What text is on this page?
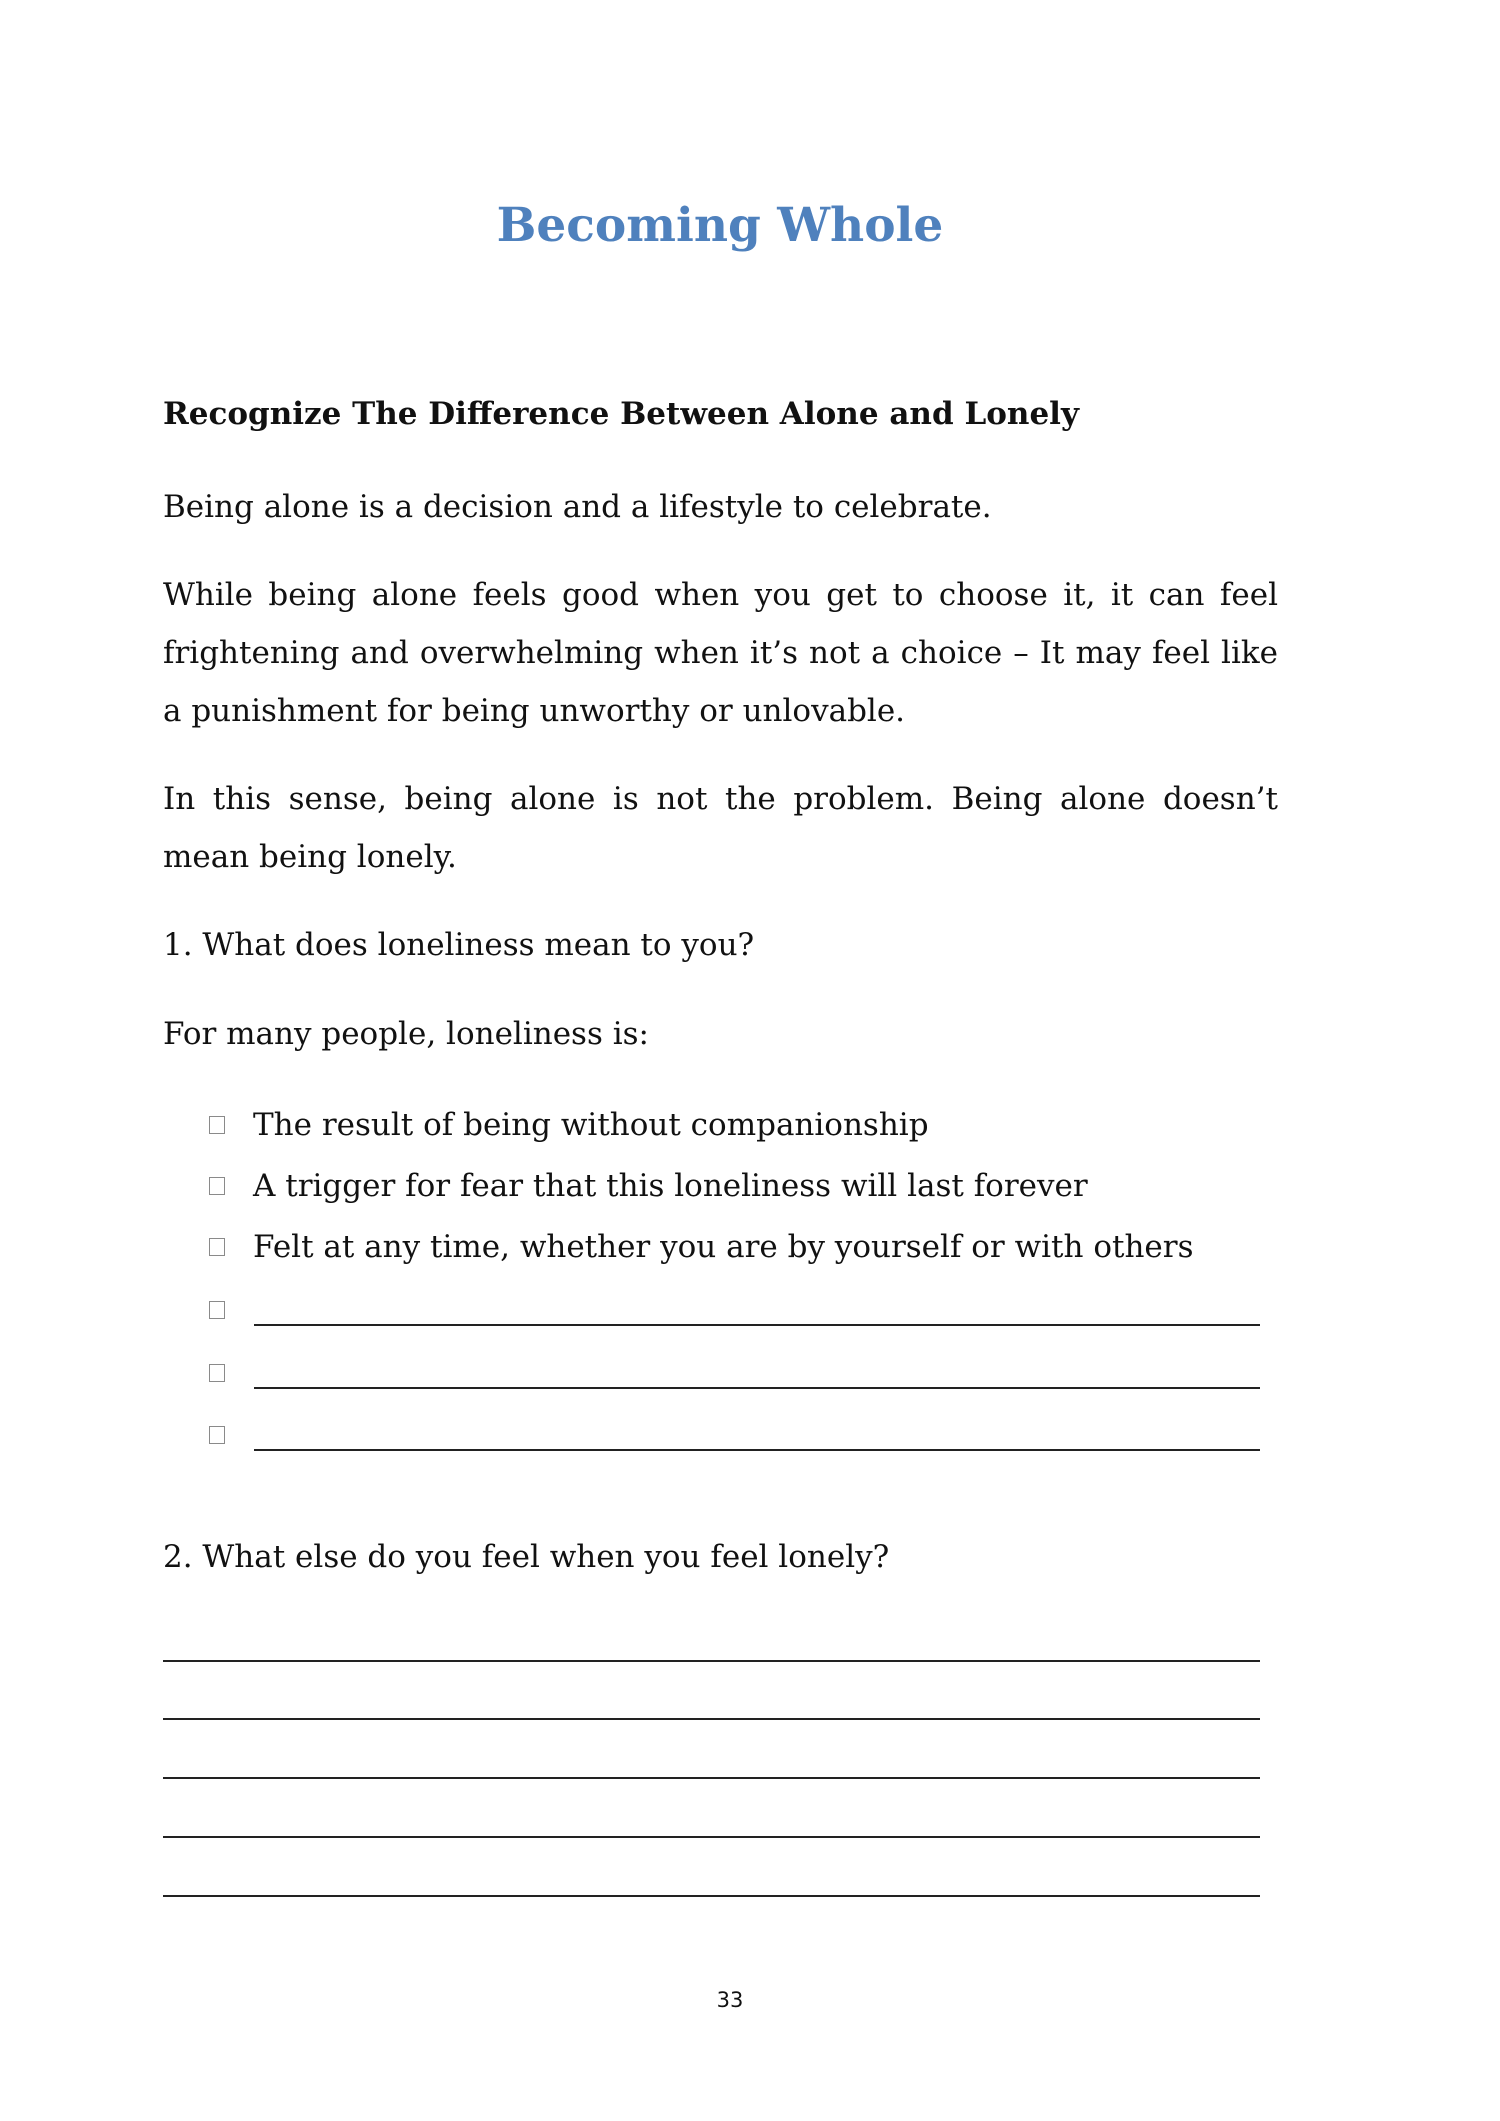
Becoming Whole
Recognize The Difference Between Alone and Lonely
Being alone is a decision and a lifestyle to celebrate.
While being alone feels good when you get to choose it, it can feel frightening and overwhelming when it’s not a choice – It may feel like a punishment for being unworthy or unlovable.
In this sense, being alone is not the problem. Being alone doesn’t mean being lonely.
1. What does loneliness mean to you?
For many people, loneliness is:
The result of being without companionship
A trigger for fear that this loneliness will last forever
Felt at any time, whether you are by yourself or with others
2. What else do you feel when you feel lonely?
33
